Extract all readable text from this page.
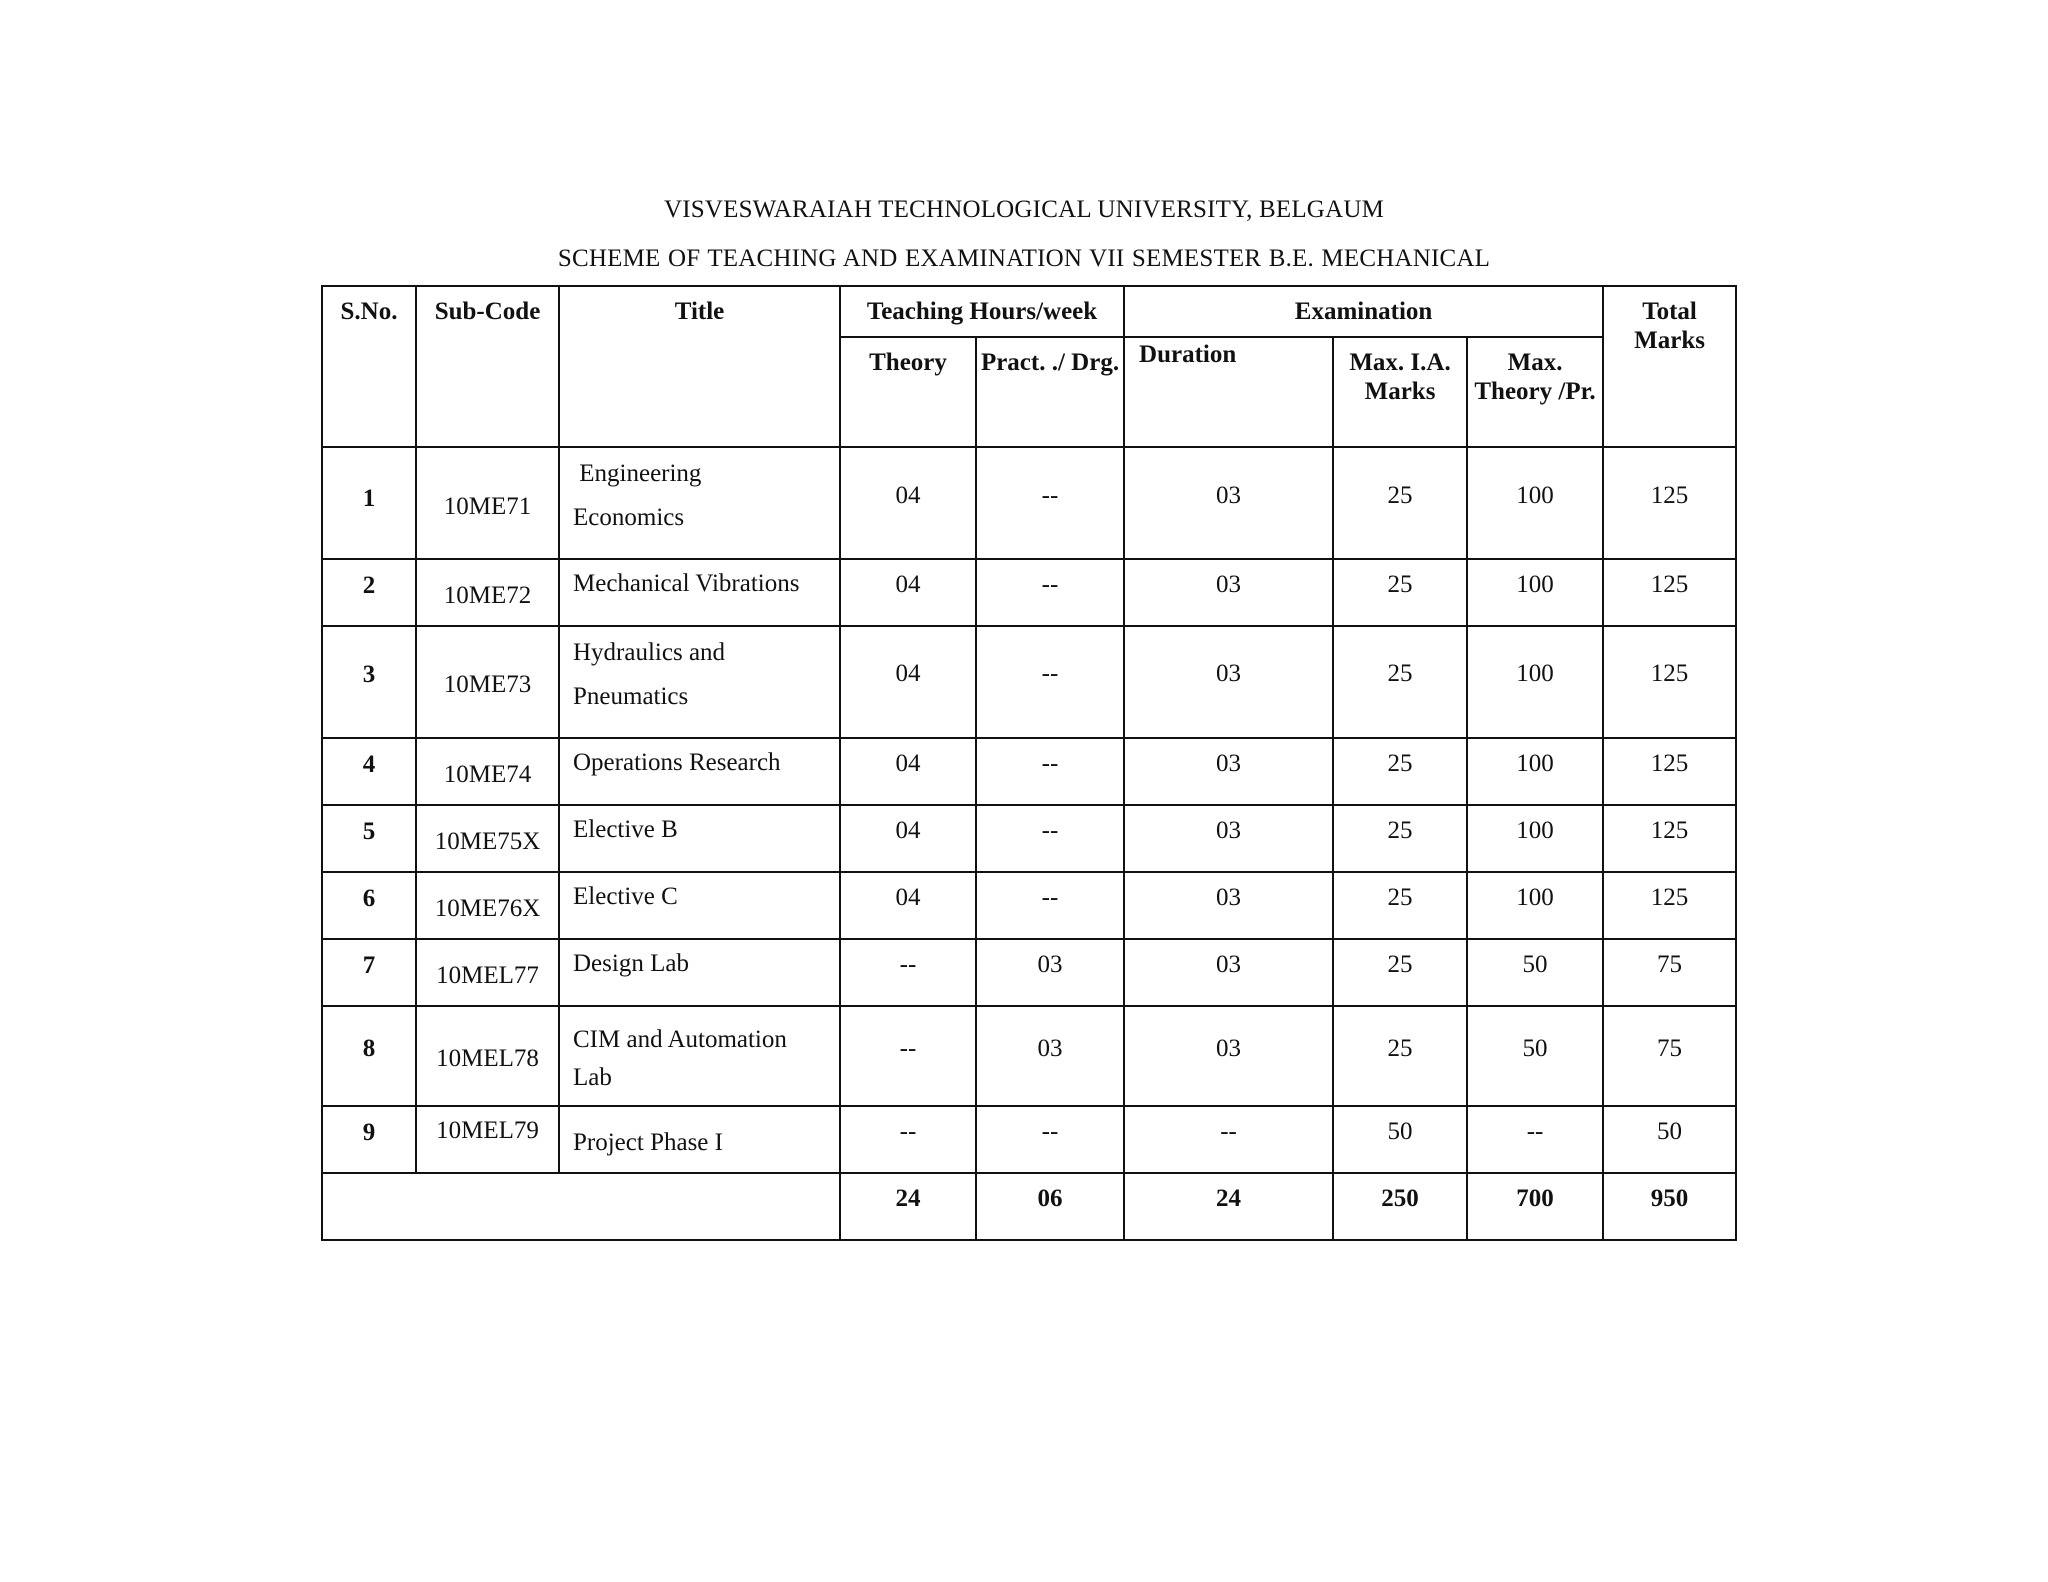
VISVESWARAIAH TECHNOLOGICAL UNIVERSITY, BELGAUM
SCHEME OF TEACHING AND EXAMINATION VII SEMESTER B.E. MECHANICAL
S.No.	Sub-Code	Title	Teaching Hours/week		Examination			Total Marks
			Theory	Pract. ./ Drg.	Duration	Max. I.A. Marks	Max. Theory /Pr.	
1	10ME71	Engineering
Economics	04	--	03	25	100	125
2	10ME72	Mechanical Vibrations	04	--	03	25	100	125
3	10ME73	Hydraulics and
Pneumatics	04	--	03	25	100	125
4	10ME74	Operations Research	04	--	03	25	100	125
5	10ME75X	Elective B	04	--	03	25	100	125
6	10ME76X	Elective C	04	--	03	25	100	125
7	10MEL77	Design Lab	--	03	03	25	50	75
8	10MEL78	CIM and Automation
Lab	--	03	03	25	50	75
9	10MEL79	Project Phase I	--	--	--	50	--	50
			24	06	24	250	700	950
